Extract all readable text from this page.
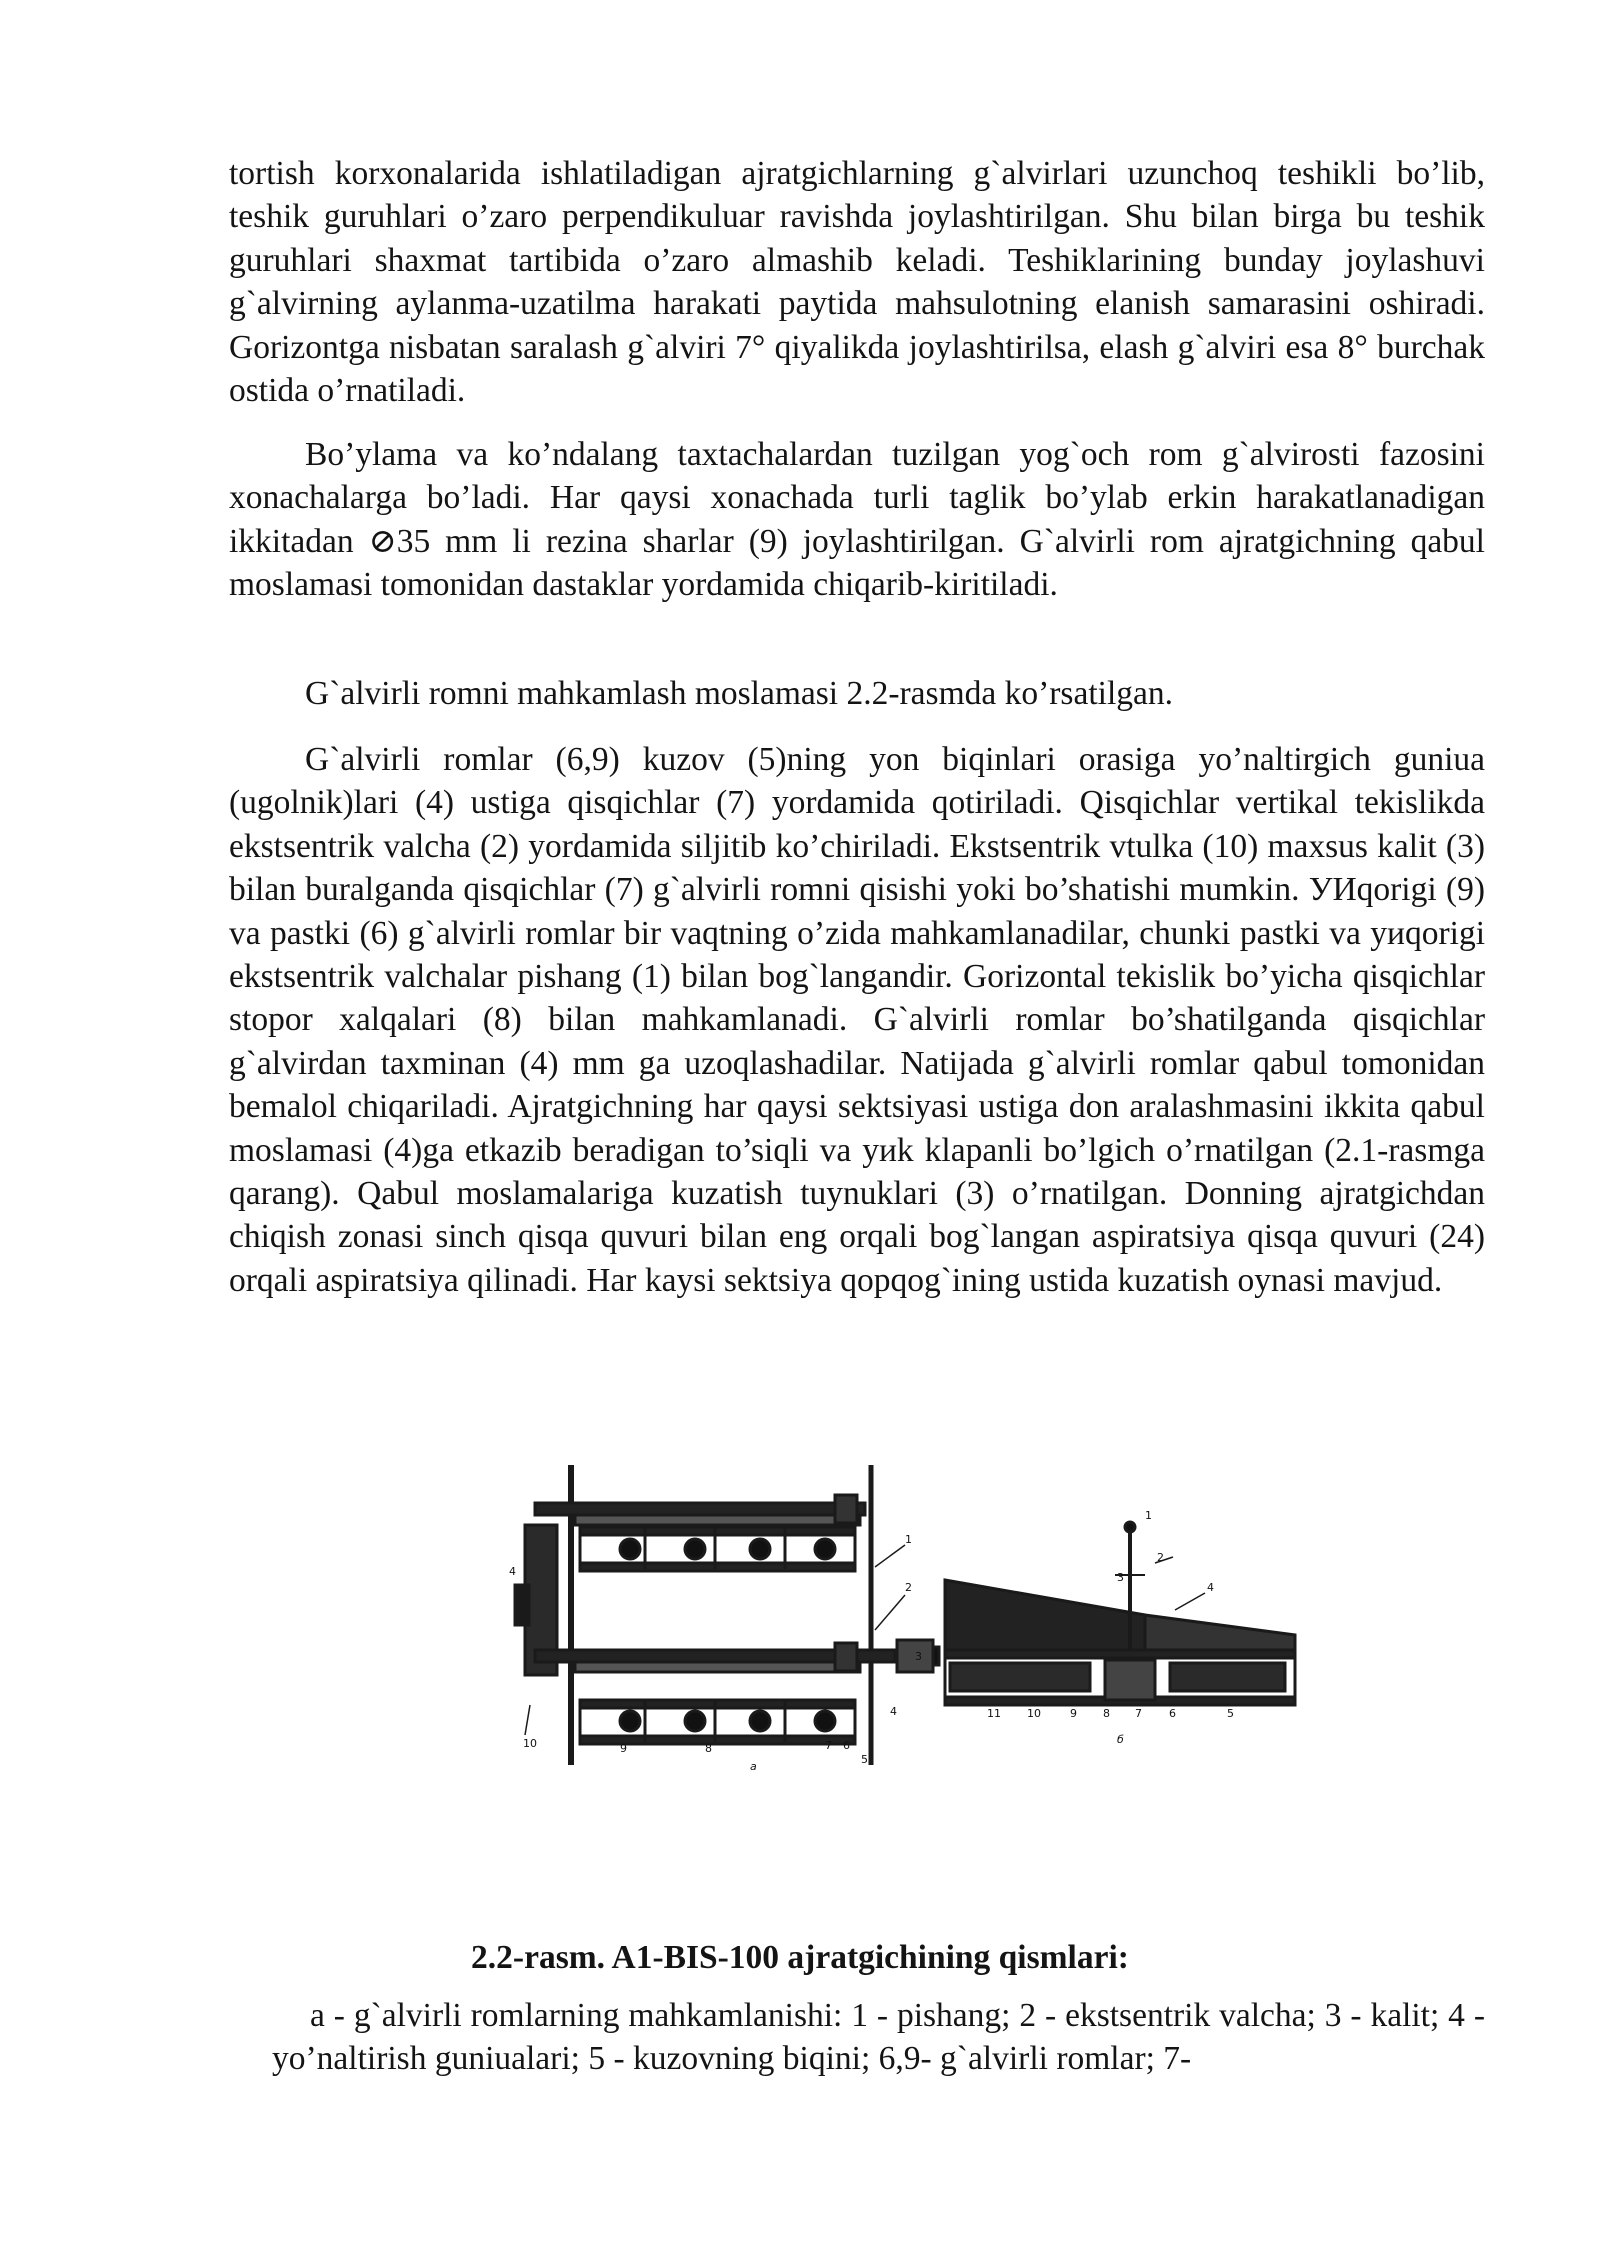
tortish korxonalarida ishlatiladigan ajratgichlarning g`alvirlari uzunchoq teshikli bo’lib, teshik guruhlari o’zaro perpendikuluar ravishda joylashtirilgan. Shu bilan birga bu teshik guruhlari shaxmat tartibida o’zaro almashib keladi. Teshiklarining bunday joylashuvi g`alvirning aylanma-uzatilma harakati paytida mahsulotning elanish samarasini oshiradi. Gorizontga nisbatan saralash g`alviri 7° qiyalikda joylashtirilsa, elash g`alviri esa 8° burchak ostida o’rnatiladi.

Bo’ylama va ko’ndalang taxtachalardan tuzilgan yog`och rom g`alvirosti fazosini xonachalarga bo’ladi. Har qaysi xonachada turli taglik bo’ylab erkin harakatlanadigan ikkitadan ⊘35 mm li rezina sharlar (9) joylashtirilgan. G`alvirli rom ajratgichning qabul moslamasi tomonidan dastaklar yordamida chiqarib-kiritiladi.

G`alvirli romni mahkamlash moslamasi 2.2-rasmda ko’rsatilgan.

G`alvirli romlar (6,9) kuzov (5)ning yon biqinlari orasiga yo’naltirgich guniua (ugolnik)lari (4) ustiga qisqichlar (7) yordamida qotiriladi. Qisqichlar vertikal tekislikda ekstsentrik valcha (2) yordamida siljitib ko’chiriladi. Ekstsentrik vtulka (10) maxsus kalit (3) bilan buralganda qisqichlar (7) g`alvirli romni qisishi yoki bo’shatishi mumkin. УИqorigi (9) va pastki (6) g`alvirli romlar bir vaqtning o’zida mahkamlanadilar, chunki pastki va уиqorigi ekstsentrik valchalar pishang (1) bilan bog`langandir. Gorizontal tekislik bo’yicha qisqichlar stopor xalqalari (8) bilan mahkamlanadi. G`alvirli romlar bo’shatilganda qisqichlar g`alvirdan taxminan (4) mm ga uzoqlashadilar. Natijada g`alvirli romlar qabul tomonidan bemalol chiqariladi. Ajratgichning har qaysi sektsiyasi ustiga don aralashmasini ikkita qabul moslamasi (4)ga etkazib beradigan to’siqli va уиk klapanli bo’lgich o’rnatilgan (2.1-rasmga qarang). Qabul moslamalariga kuzatish tuynuklari (3) o’rnatilgan. Donning ajratgichdan chiqish zonasi sinch qisqa quvuri bilan eng orqali bog`langan aspiratsiya qisqa quvuri (24) orqali aspiratsiya qilinadi. Har kaysi sektsiya qopqog`ining ustida kuzatish oynasi mavjud.

4
1
2
3
4
10	9	8	7 6
5
a
1
2
3
4
11 10	9 8 7 6	5
б

2.2-rasm. A1-BIS-100 ajratgichining qismlari:

a - g`alvirli romlarning mahkamlanishi: 1 - pishang; 2 - ekstsentrik valcha; 3 - kalit; 4 - yo’naltirish guniualari; 5 - kuzovning biqini; 6,9- g`alvirli romlar; 7-
